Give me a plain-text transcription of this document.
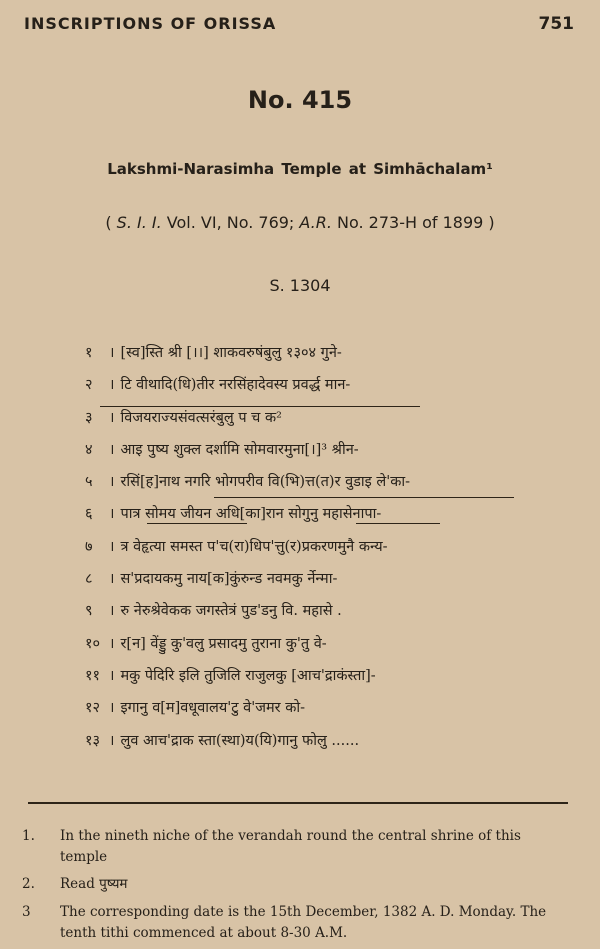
INSCRIPTIONS OF ORISSA	751
No. 415
Lakshmi-Narasimha Temple at Simhāchalam¹
( S. I. I. Vol. VI, No. 769; A.R. No. 273-H of 1899 )
S. 1304
१ । [स्व]स्ति श्री [।।] शाकवरुषंबुलु १३०४ गुने-
२ । टि वीथादि(धि)तीर नरसिंहादेवस्य प्रवर्द्ध मान-
३ । विजयराज्यसंवत्सरंबुलु प च क²
४ । आइ पुष्य शुक्ल दर्शामि सोमवारमुना[।]³ श्रीन-
५ । रसिं[ह]नाथ नगरि भोगपरीव वि(भि)त्त(त)र वुडाइ ले'का-
६ । पात्र सोमय जीयन अधि[का]रान सोगुनु महासेनापा-
७ । त्र वेहृत्या समस्त प'च(रा)धिप'त्तु(र)प्रकरणमुनै कन्य-
८ । स'प्रदायकमु नाय[क]कुंरुन्ड नवमकु र्नेन्मा-
९ । रु नेरुश्रेवेकक जगस्तेत्रं पुड'डनु वि. महासे .
१० । र[न] वेंड्डु कु'वलु प्रसादमु तुराना कु'तु वे-
११ । मकु पेदिरि इलि तुजिलि राजुलकु [आच'द्राकंस्ता]-
१२ । इगानु व[म]वधूवालय'टु वे'जमर को-
१३ । लुव आच'द्राक स्ता(स्था)य(यि)गानु फोलु ......
1. In the nineth niche of the verandah round the central shrine of this temple
2. Read पुष्यम
3 The corresponding date is the 15th December, 1382 A. D. Monday. The tenth tithi commenced at about 8-30 A.M.
